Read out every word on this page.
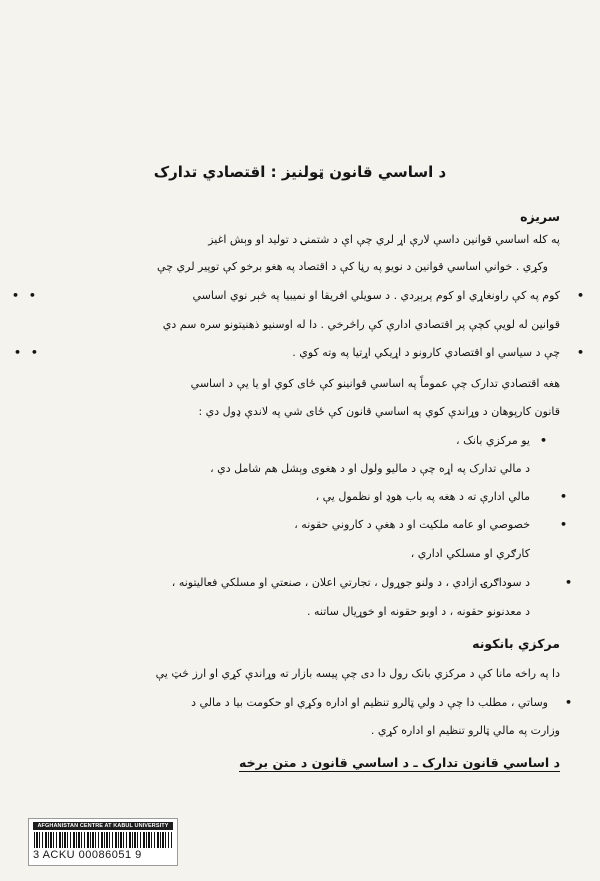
د اساسي قانون ټولنيز : اقتصادي تدارک
سريزه
په کله اساسي قوانين داسې لارې اړ لري چې اې د شتمنۍ د توليد او وېش اغيز
وکړي . خواني اساسي قوانين د نويو په رڼا کې د اقتصاد په هغو برخو کې توپير لري چې
کوم په کې راونغاړي او کوم پرېږدي . د سويلي افريقا او نميبيا په څېر نوي اساسي
قوانين له لويې کچې پر اقتصادي ادارې کې راڅرخي . دا له اوسنيو ذهنيتونو سره سم دي
چې د سياسي او اقتصادي کارونو د اړيکي اړتيا په وته کوي .
هغه اقتصادي تدارک چې عموماً په اساسي قوانينو کې ځاى کوي او يا يې د اساسي
قانون کارپوهان د وړاندې کوي په اساسي قانون کې ځاى شي په لاندې ډول دي :
يو مرکزي بانک ،
د مالي تدارک په اړه چې د ماليو ولول او د هغوى وېشل هم شامل دي ،
مالي ادارې ته د هغه په باب هوډ او نظمول يې ،
خصوصي او عامه ملکيت او د هغې د کاروني حقونه ،
کارګري او مسلکي اداري ،
د سوداګرۍ ازادي ، د ولنو جوړول ، تجارتي اعلان ، صنعتي او مسلکي فعاليتونه ،
د معدنونو حقونه ، د اوبو حقونه او خوړيال ساتنه .
• •
• •
•
•
•
•
•
•
مرکزي بانکونه
دا په راخه مانا کې د مرکزي بانک رول دا دی چې پيسه بازار ته وړاندې کړي او ارز څټ يې
وساتي ، مطلب دا چې د ولي ټالرو تنظيم او اداره وکړي او حکومت بيا د مالي د
وزارت په مالي ټالرو تنظيم او اداره کړي .
•
د اساسي قانون تدارک ـ د اساسي قانون د متن برخه
AFGHANISTAN CENTRE AT KABUL UNIVERSITY
3 ACKU 00086051 9
